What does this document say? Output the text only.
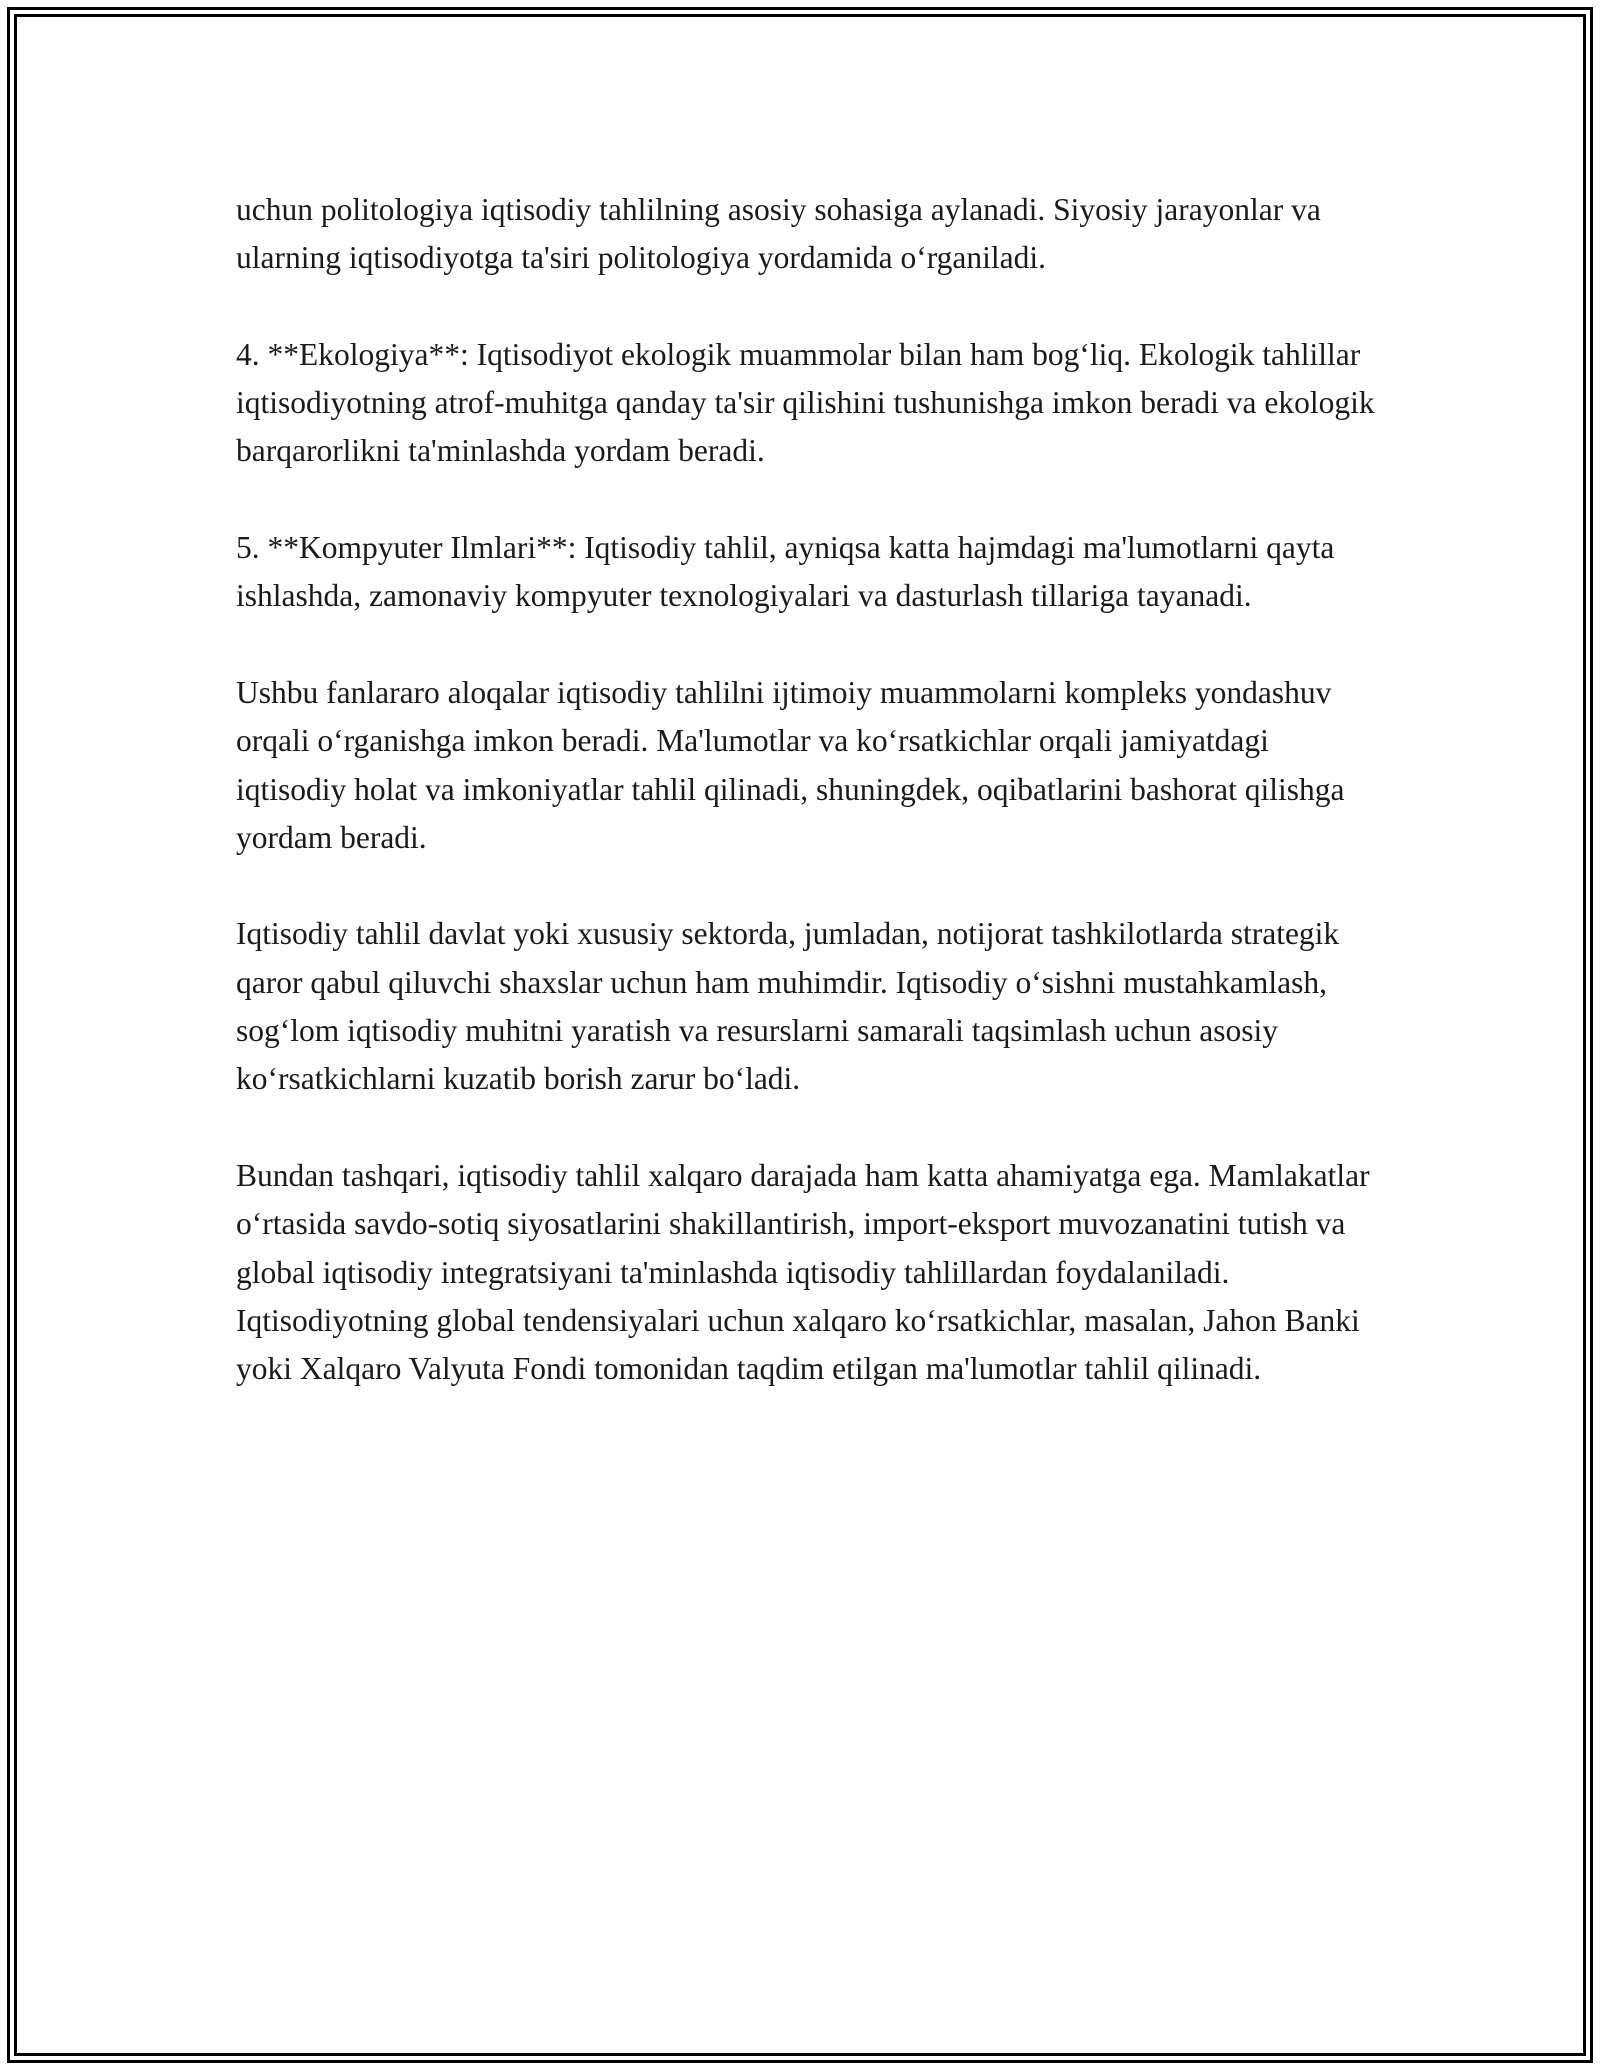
uchun politologiya iqtisodiy tahlilning asosiy sohasiga aylanadi. Siyosiy jarayonlar va ularning iqtisodiyotga ta'siri politologiya yordamida o‘rganiladi.

4. **Ekologiya**: Iqtisodiyot ekologik muammolar bilan ham bog‘liq. Ekologik tahlillar iqtisodiyotning atrof-muhitga qanday ta'sir qilishini tushunishga imkon beradi va ekologik barqarorlikni ta'minlashda yordam beradi.

5. **Kompyuter Ilmlari**: Iqtisodiy tahlil, ayniqsa katta hajmdagi ma'lumotlarni qayta ishlashda, zamonaviy kompyuter texnologiyalari va dasturlash tillariga tayanadi.

Ushbu fanlararo aloqalar iqtisodiy tahlilni ijtimoiy muammolarni kompleks yondashuv orqali o‘rganishga imkon beradi. Ma'lumotlar va ko‘rsatkichlar orqali jamiyatdagi iqtisodiy holat va imkoniyatlar tahlil qilinadi, shuningdek, oqibatlarini bashorat qilishga yordam beradi.

Iqtisodiy tahlil davlat yoki xususiy sektorda, jumladan, notijorat tashkilotlarda strategik qaror qabul qiluvchi shaxslar uchun ham muhimdir. Iqtisodiy o‘sishni mustahkamlash, sog‘lom iqtisodiy muhitni yaratish va resurslarni samarali taqsimlash uchun asosiy ko‘rsatkichlarni kuzatib borish zarur bo‘ladi.

Bundan tashqari, iqtisodiy tahlil xalqaro darajada ham katta ahamiyatga ega. Mamlakatlar o‘rtasida savdo-sotiq siyosatlarini shakillantirish, import-eksport muvozanatini tutish va global iqtisodiy integratsiyani ta'minlashda iqtisodiy tahlillardan foydalaniladi. Iqtisodiyotning global tendensiyalari uchun xalqaro ko‘rsatkichlar, masalan, Jahon Banki yoki Xalqaro Valyuta Fondi tomonidan taqdim etilgan ma'lumotlar tahlil qilinadi.
